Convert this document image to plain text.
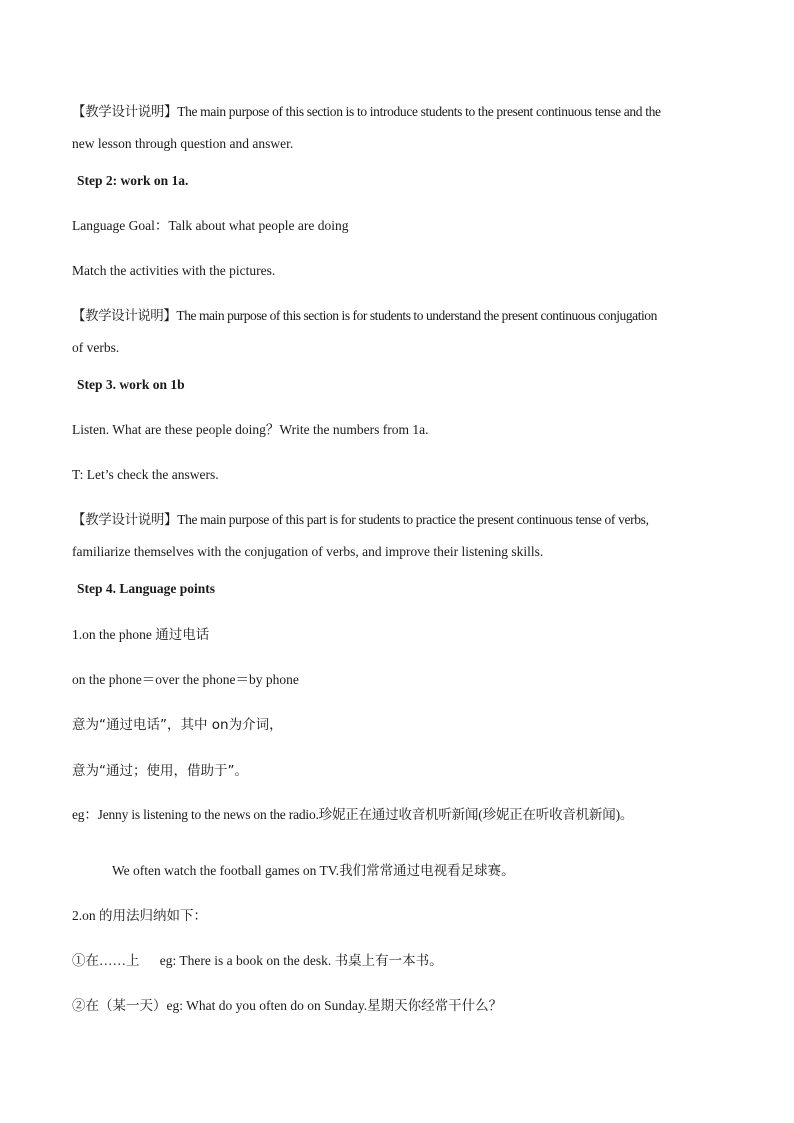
【教学设计说明】The main purpose of this section is to introduce students to the present continuous tense and the
new lesson through question and answer.
Step 2: work on 1a.
Language Goal：Talk about what people are doing
Match the activities with the pictures.
【教学设计说明】The main purpose of this section is for students to understand the present continuous conjugation
of verbs.
Step 3. work on 1b
Listen. What are these people doing？Write the numbers from 1a.
T: Let’s check the answers.
【教学设计说明】The main purpose of this part is for students to practice the present continuous tense of verbs,
familiarize themselves with the conjugation of verbs, and improve their listening skills.
Step 4. Language points
1.on the phone 通过电话
on the phone＝over the phone＝by phone
意为“通过电话”，其中 on为介词，
意为“通过；使用，借助于”。
eg：Jenny is listening to the news on the radio.珍妮正在通过收音机听新闻(珍妮正在听收音机新闻)。
We often watch the football games on TV.我们常常通过电视看足球赛。
2.on 的用法归纳如下：
①在……上      eg: There is a book on the desk. 书桌上有一本书。
②在（某一天）eg: What do you often do on Sunday.星期天你经常干什么？
